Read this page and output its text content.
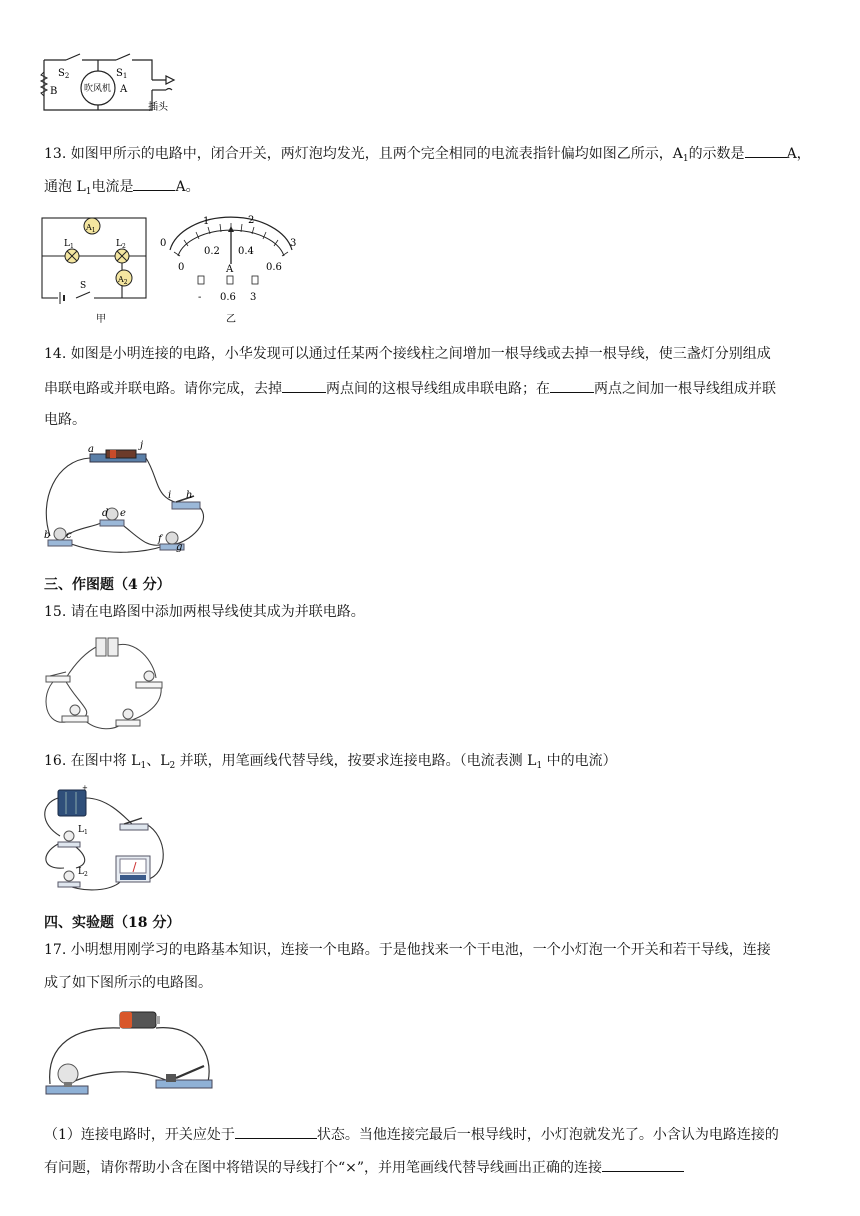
$S_2$	$S_1$
B	A
吹风机
插头
13. 如图甲所示的电路中，闭合开关，两灯泡均发光，且两个完全相同的电流表指针偏均如图乙所示，$A_1$的示数是	A，
通泡 $L_1$电流是	A。
$A_1$
$A_2$
$L_1$	$L_2$
S
甲
0
1	2
3
0
0.2 0.4
0.6
A
- 0.6 3
乙
14. 如图是小明连接的电路，小华发现可以通过任某两个接线柱之间增加一根导线或去掉一根导线，使三盏灯分别组成
串联电路或并联电路。请你完成，去掉	两点间的这根导线组成串联电路；在	两点之间加一根导线组成并联
电路。
a	j
i h
d e
b c	f
g
三、作图题（4 分）
15. 请在电路图中添加两根导线使其成为并联电路。
16. 在图中将 $L_1$、$L_2$ 并联，用笔画线代替导线，按要求连接电路。（电流表测 $L_1$ 中的电流）
+
$L_1$
$L_2$
四、实验题（18 分）
17. 小明想用刚学习的电路基本知识，连接一个电路。于是他找来一个干电池，一个小灯泡一个开关和若干导线，连接
成了如下图所示的电路图。
（1）连接电路时，开关应处于	状态。当他连接完最后一根导线时，小灯泡就发光了。小含认为电路连接的
有问题，请你帮助小含在图中将错误的导线打个“×”，并用笔画线代替导线画出正确的连接
